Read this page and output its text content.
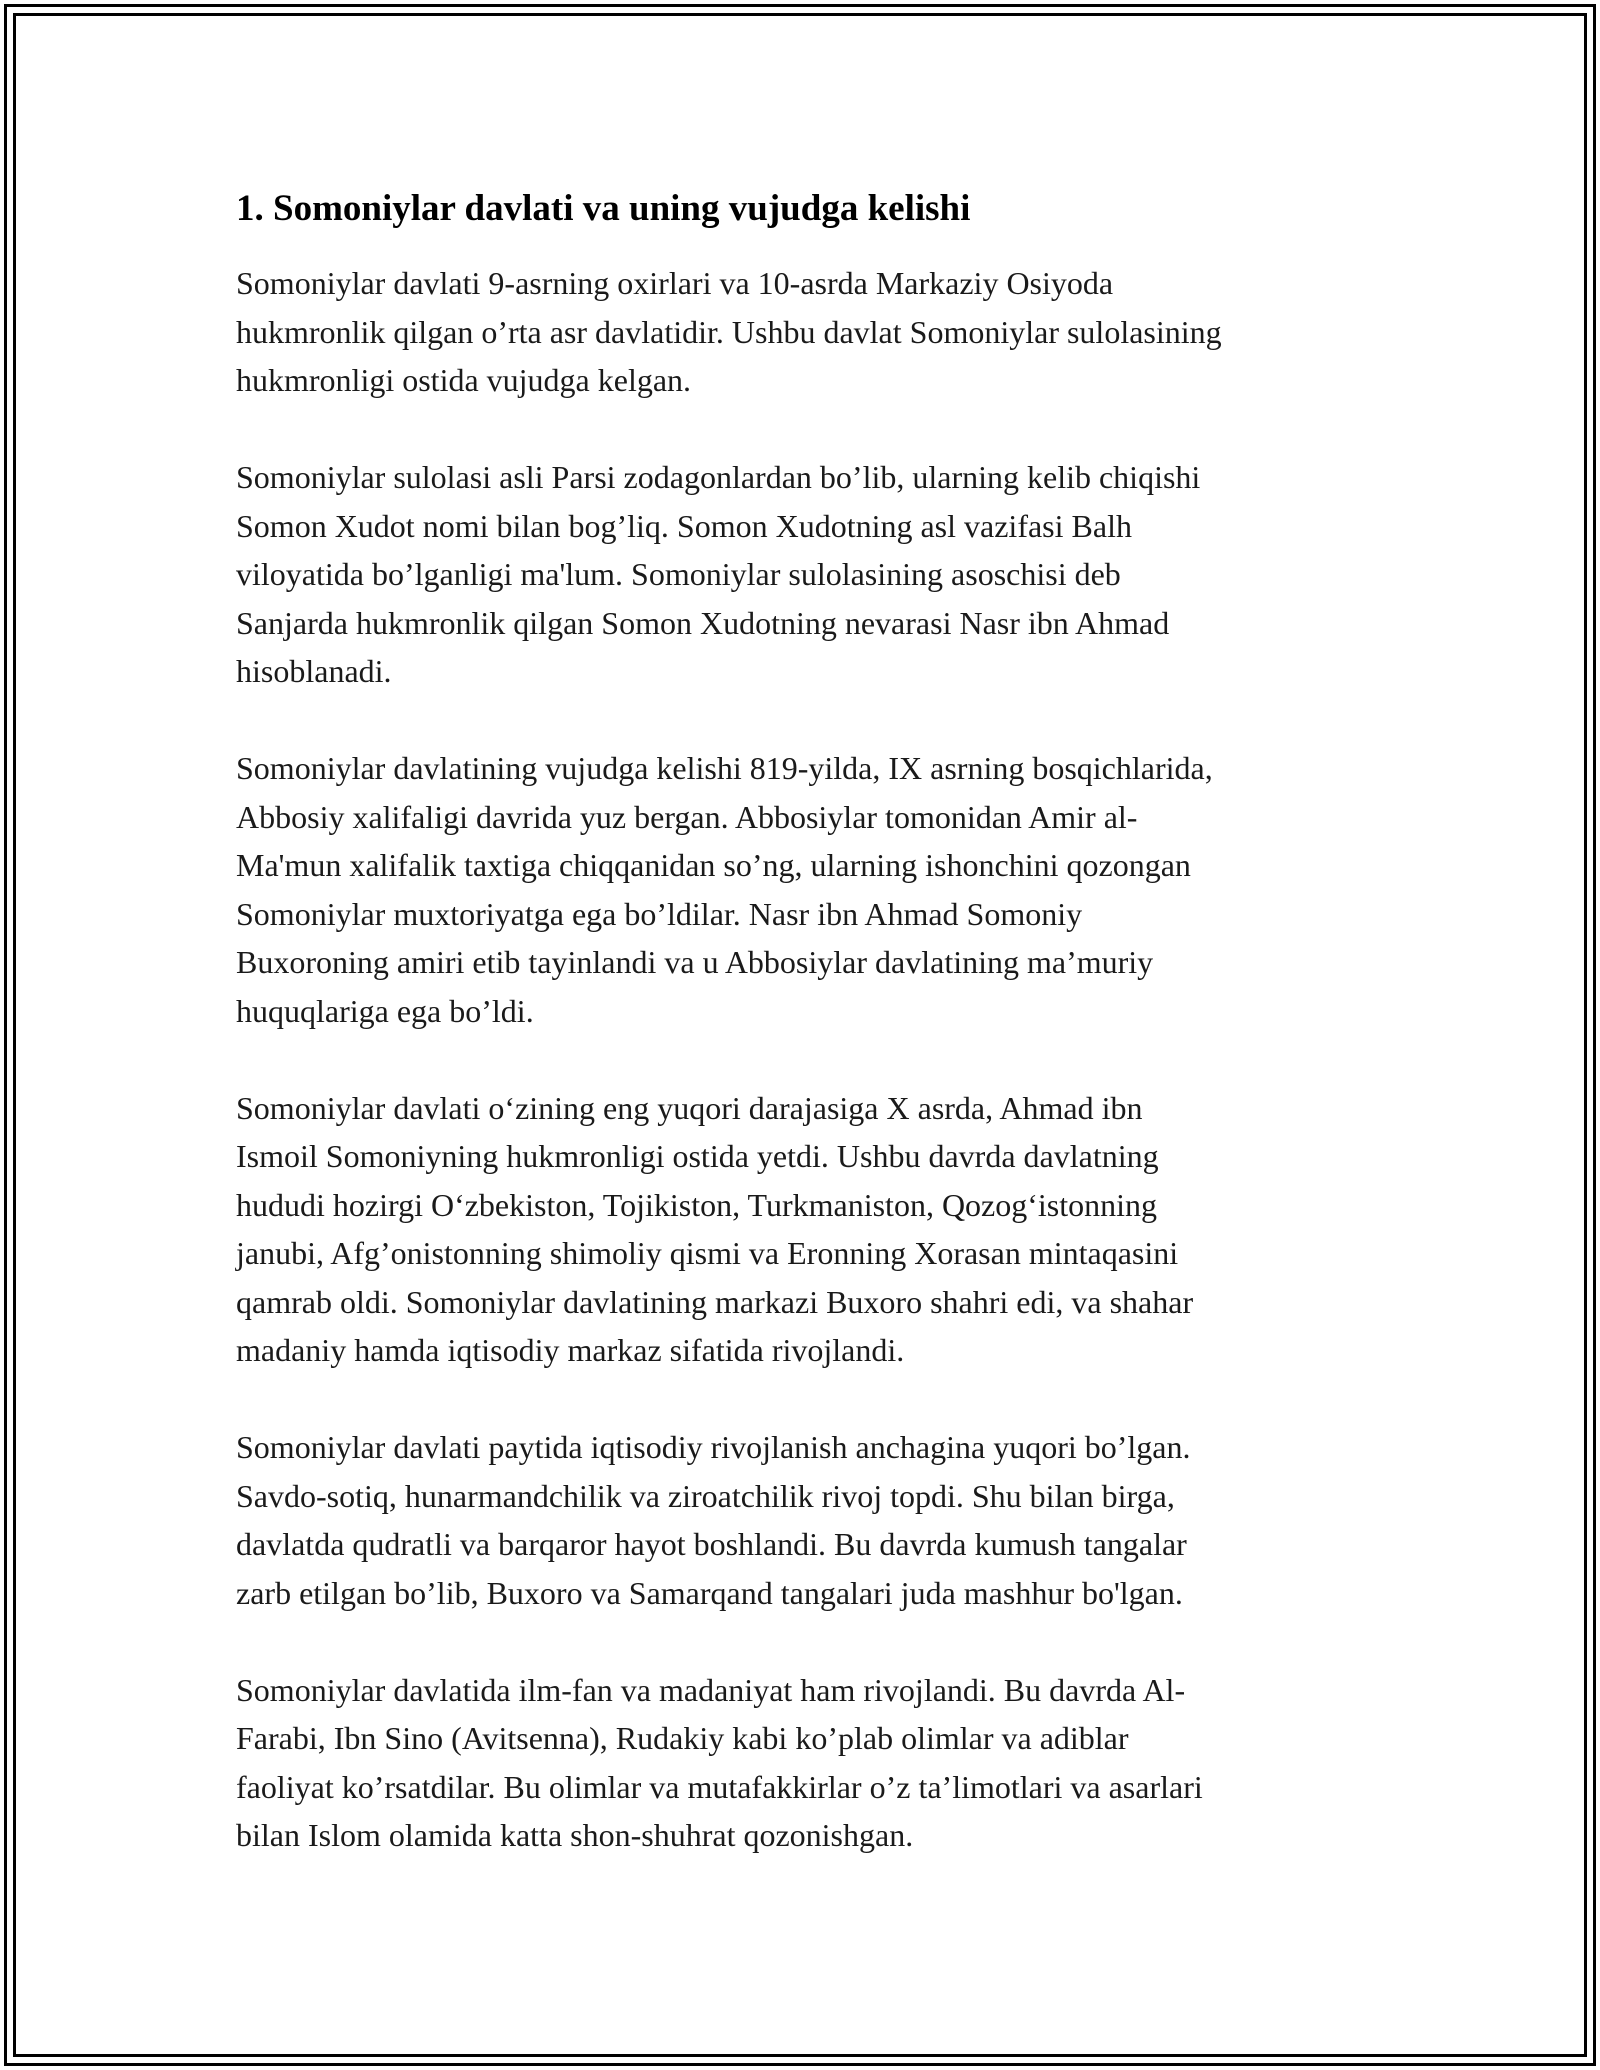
1. Somoniylar davlati va uning vujudga kelishi

Somoniylar davlati 9-asrning oxirlari va 10-asrda Markaziy Osiyoda
hukmronlik qilgan o’rta asr davlatidir. Ushbu davlat Somoniylar sulolasining
hukmronligi ostida vujudga kelgan.

Somoniylar sulolasi asli Parsi zodagonlardan bo’lib, ularning kelib chiqishi
Somon Xudot nomi bilan bog’liq. Somon Xudotning asl vazifasi Balh
viloyatida bo’lganligi ma'lum. Somoniylar sulolasining asoschisi deb
Sanjarda hukmronlik qilgan Somon Xudotning nevarasi Nasr ibn Ahmad
hisoblanadi.

Somoniylar davlatining vujudga kelishi 819-yilda, IX asrning bosqichlarida,
Abbosiy xalifaligi davrida yuz bergan. Abbosiylar tomonidan Amir al-
Ma'mun xalifalik taxtiga chiqqanidan so’ng, ularning ishonchini qozongan
Somoniylar muxtoriyatga ega bo’ldilar. Nasr ibn Ahmad Somoniy
Buxoroning amiri etib tayinlandi va u Abbosiylar davlatining ma’muriy
huquqlariga ega bo’ldi.

Somoniylar davlati o‘zining eng yuqori darajasiga X asrda, Ahmad ibn
Ismoil Somoniyning hukmronligi ostida yetdi. Ushbu davrda davlatning
hududi hozirgi O‘zbekiston, Tojikiston, Turkmaniston, Qozog‘istonning
janubi, Afg’onistonning shimoliy qismi va Eronning Xorasan mintaqasini
qamrab oldi. Somoniylar davlatining markazi Buxoro shahri edi, va shahar
madaniy hamda iqtisodiy markaz sifatida rivojlandi.

Somoniylar davlati paytida iqtisodiy rivojlanish anchagina yuqori bo’lgan.
Savdo-sotiq, hunarmandchilik va ziroatchilik rivoj topdi. Shu bilan birga,
davlatda qudratli va barqaror hayot boshlandi. Bu davrda kumush tangalar
zarb etilgan bo’lib, Buxoro va Samarqand tangalari juda mashhur bo'lgan.

Somoniylar davlatida ilm-fan va madaniyat ham rivojlandi. Bu davrda Al-
Farabi, Ibn Sino (Avitsenna), Rudakiy kabi ko’plab olimlar va adiblar
faoliyat ko’rsatdilar. Bu olimlar va mutafakkirlar o’z ta’limotlari va asarlari
bilan Islom olamida katta shon-shuhrat qozonishgan.
